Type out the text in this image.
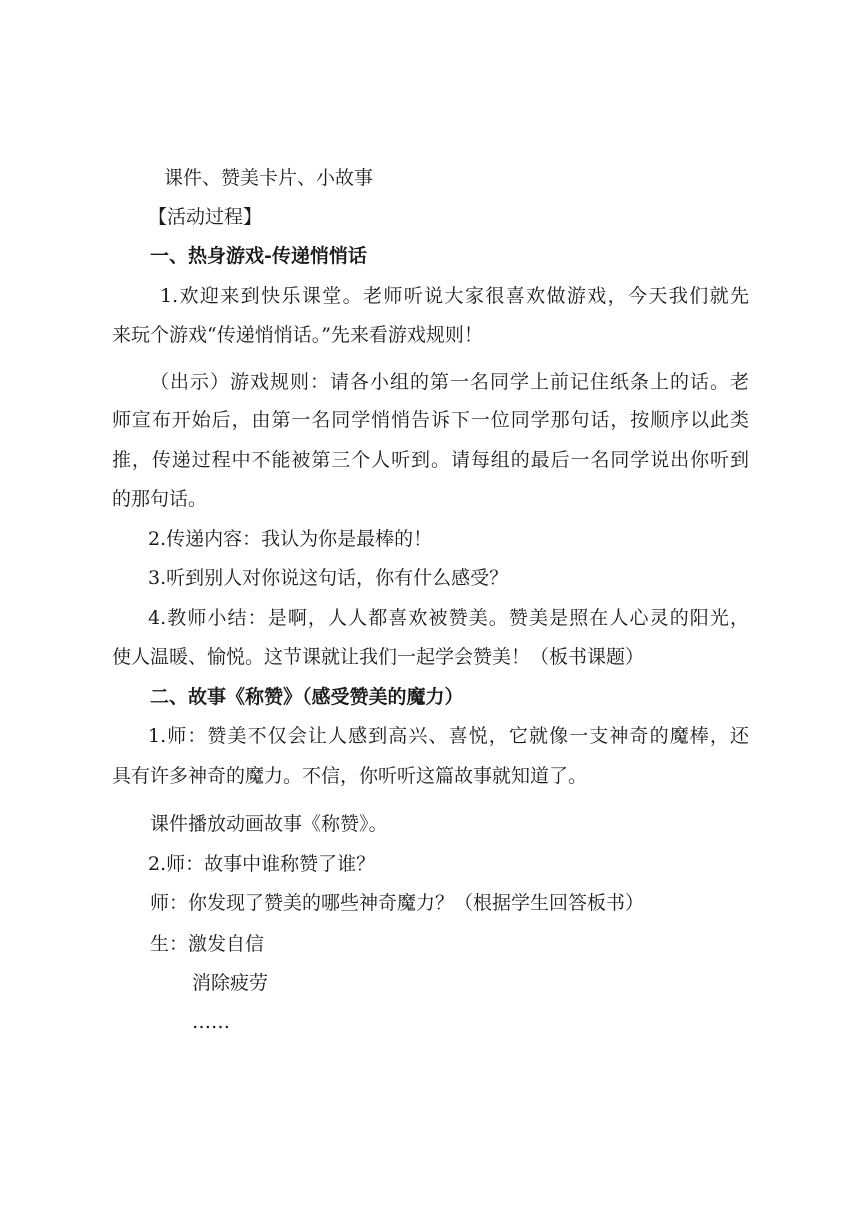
课件、赞美卡片、小故事
【活动过程】
一、热身游戏-传递悄悄话
1.欢迎来到快乐课堂。老师听说大家很喜欢做游戏，今天我们就先
来玩个游戏“传递悄悄话。”先来看游戏规则！
（出示）游戏规则：请各小组的第一名同学上前记住纸条上的话。老
师宣布开始后，由第一名同学悄悄告诉下一位同学那句话，按顺序以此类
推，传递过程中不能被第三个人听到。请每组的最后一名同学说出你听到
的那句话。
2.传递内容：我认为你是最棒的！
3.听到别人对你说这句话，你有什么感受？
4.教师小结：是啊，人人都喜欢被赞美。赞美是照在人心灵的阳光，
使人温暖、愉悦。这节课就让我们一起学会赞美！（板书课题）
二、故事《称赞》（感受赞美的魔力）
1.师：赞美不仅会让人感到高兴、喜悦，它就像一支神奇的魔棒，还
具有许多神奇的魔力。不信，你听听这篇故事就知道了。
课件播放动画故事《称赞》。
2.师：故事中谁称赞了谁？
师：你发现了赞美的哪些神奇魔力？（根据学生回答板书）
生：激发自信
消除疲劳
……
